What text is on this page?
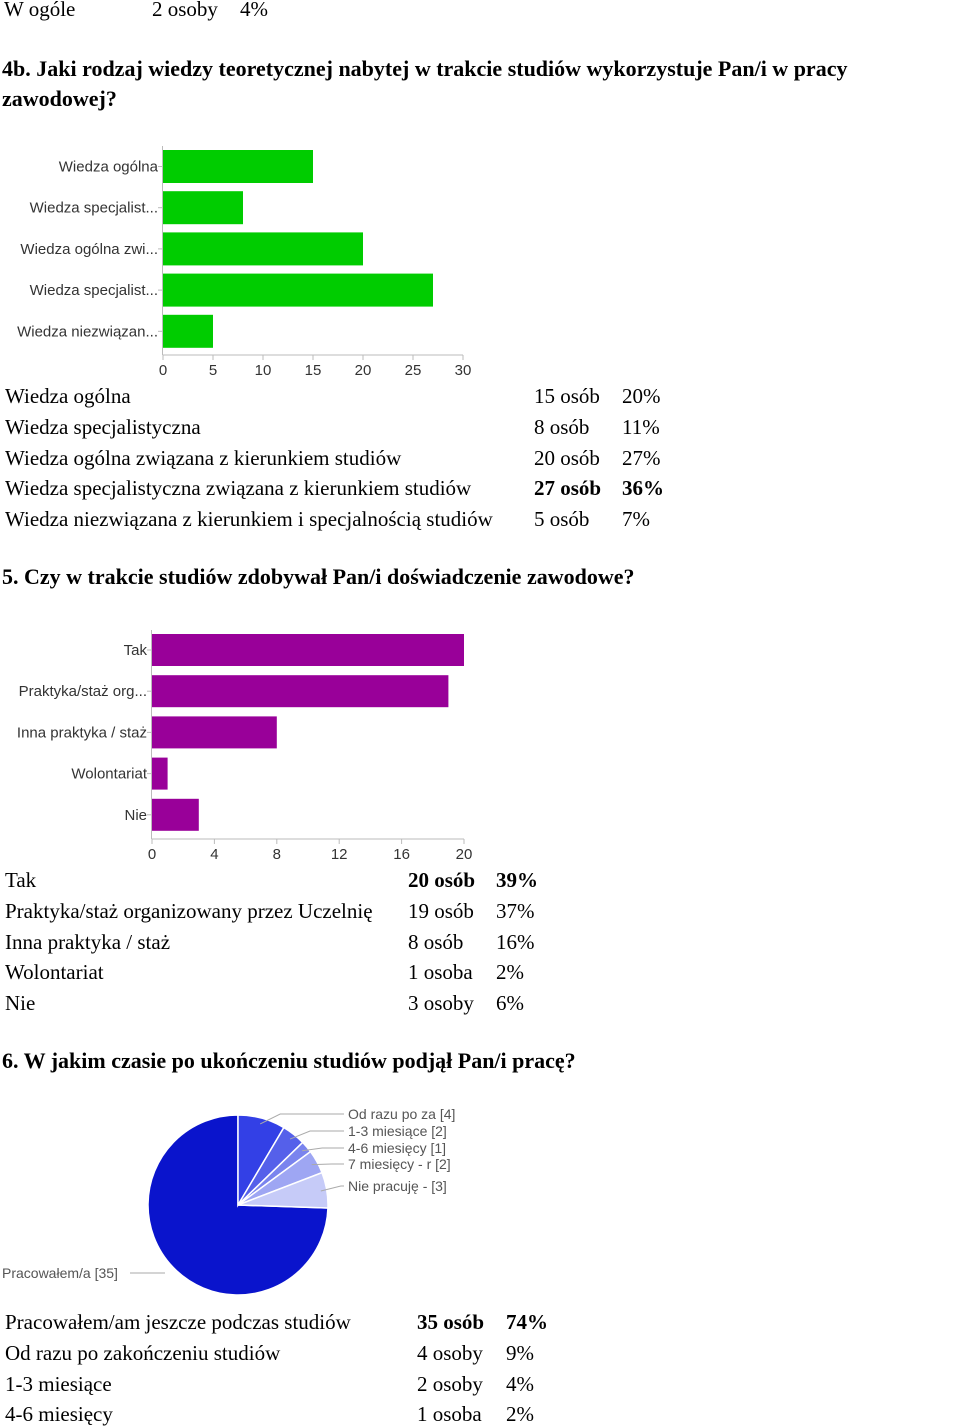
W ogóle	2 osoby 4%
4b. Jaki rodzaj wiedzy teoretycznej nabytej w trakcie studiów wykorzystuje Pan/i w pracy zawodowej?
Wiedza ogólna
Wiedza specjalist...
Wiedza ogólna zwi...
Wiedza specjalist...
Wiedza niezwiązan...
0	5 10 15 20 25 30
Wiedza ogólna	15 osób 20%
Wiedza specjalistyczna	8 osób 11%
Wiedza ogólna związana z kierunkiem studiów	20 osób 27%
Wiedza specjalistyczna związana z kierunkiem studiów	27 osób 36%
Wiedza niezwiązana z kierunkiem i specjalnością studiów 5 osób 7%
5. Czy w trakcie studiów zdobywał Pan/i doświadczenie zawodowe?
Tak
Praktyka/staż org...
Inna praktyka / staż
Wolontariat
Nie
0	4	8	12	16	20
Tak	20 osób 39%
Praktyka/staż organizowany przez Uczelnię 19 osób 37%
Inna praktyka / staż	8 osób 16%
Wolontariat	1 osoba 2%
Nie	3 osoby 6%
6. W jakim czasie po ukończeniu studiów podjął Pan/i pracę?
Od razu po za [4]
1-3 miesiące [2]
4-6 miesięcy [1]
7 miesięcy - r [2]
Nie pracuję - [3]
Pracowałem/a [35]
Pracowałem/am jeszcze podczas studiów	35 osób 74%
Od razu po zakończeniu studiów	4 osoby 9%
1-3 miesiące	2 osoby 4%
4-6 miesięcy	1 osoba 2%
